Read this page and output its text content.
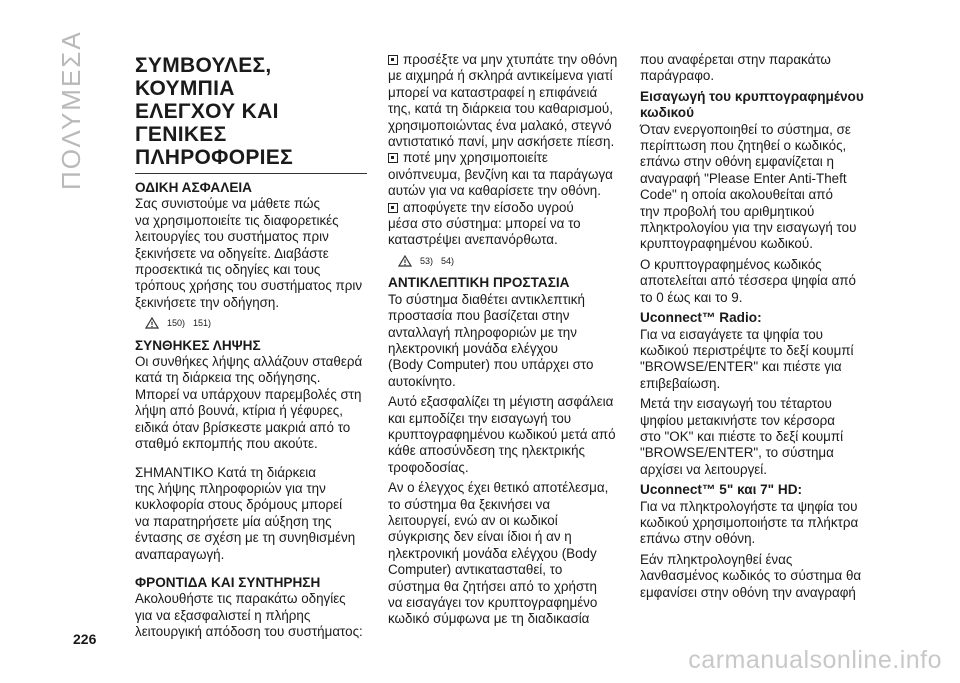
ΠΟΛΥΜΕΣΑ ΣΥΜΒΟΥΛΕΣ, ΚΟΥΜΠΙΑ
ΕΛΕΓΧΟΥ ΚΑΙ ΓΕΝΙΚΕΣ
ΠΛΗΡΟΦΟΡΙΕΣ
ΟΔΙΚΗ ΑΣΦΑΛΕΙΑ

Σας συνιστούμε να μάθετε πώς
να χρησιμοποιείτε τις διαφορετικές
λειτουργίες του συστήματος πριν
ξεκινήσετε να οδηγείτε. Διαβάστε
προσεκτικά τις οδηγίες και τους
τρόπους χρήσης του συστήματος πριν
ξεκινήσετε την οδήγηση.

150) 151)
ΣΥΝΘΗΚΕΣ ΛΗΨΗΣ

Οι συνθήκες λήψης αλλάζουν σταθερά
κατά τη διάρκεια της οδήγησης.
Μπορεί να υπάρχουν παρεμβολές στη
λήψη από βουνά, κτίρια ή γέφυρες,
ειδικά όταν βρίσκεστε μακριά από το
σταθμό εκπομπής που ακούτε.

ΣΗΜΑΝΤΙΚΟ Κατά τη διάρκεια
της λήψης πληροφοριών για την
κυκλοφορία στους δρόμους μπορεί
να παρατηρήσετε μία αύξηση της
έντασης σε σχέση με τη συνηθισμένη
αναπαραγωγή.

ΦΡΟΝΤΙΔΑ ΚΑΙ ΣΥΝΤΗΡΗΣΗ

Ακολουθήστε τις παρακάτω οδηγίες
για να εξασφαλιστεί η πλήρης
λειτουργική απόδοση του συστήματος:

προσέξτε να μην χτυπάτε την οθόνη
με αιχμηρά ή σκληρά αντικείμενα γιατί
μπορεί να καταστραφεί η επιφάνειά
της, κατά τη διάρκεια του καθαρισμού,
χρησιμοποιώντας ένα μαλακό, στεγνό
αντιστατικό πανί, μην ασκήσετε πίεση.

ποτέ μην χρησιμοποιείτε
οινόπνευμα, βενζίνη και τα παράγωγα
αυτών για να καθαρίσετε την οθόνη.

αποφύγετε την είσοδο υγρού
μέσα στο σύστημα: μπορεί να το
καταστρέψει ανεπανόρθωτα.

53) 54)
ΑΝΤΙΚΛΕΠΤΙΚΗ ΠΡΟΣΤΑΣΙΑ

Το σύστημα διαθέτει αντικλεπτική
προστασία που βασίζεται στην
ανταλλαγή πληροφοριών με την
ηλεκτρονική μονάδα ελέγχου
(Body Computer) που υπάρχει στο
αυτοκίνητο.

Αυτό εξασφαλίζει τη μέγιστη ασφάλεια
και εμποδίζει την εισαγωγή του
κρυπτογραφημένου κωδικού μετά από
κάθε αποσύνδεση της ηλεκτρικής
τροφοδοσίας.

Αν ο έλεγχος έχει θετικό αποτέλεσμα,
το σύστημα θα ξεκινήσει να
λειτουργεί, ενώ αν οι κωδικοί
σύγκρισης δεν είναι ίδιοι ή αν η
ηλεκτρονική μονάδα ελέγχου (Body
Computer) αντικατασταθεί, το
σύστημα θα ζητήσει από το χρήστη
να εισαγάγει τον κρυπτογραφημένο
κωδικό σύμφωνα με τη διαδικασία

που αναφέρεται στην παρακάτω
παράγραφο.

Εισαγωγή του κρυπτογραφημένου
κωδικού

Όταν ενεργοποιηθεί το σύστημα, σε
περίπτωση που ζητηθεί ο κωδικός,
επάνω στην οθόνη εμφανίζεται η
αναγραφή "Please Enter Anti-Theft
Code" η οποία ακολουθείται από
την προβολή του αριθμητικού
πληκτρολογίου για την εισαγωγή του
κρυπτογραφημένου κωδικού.

Ο κρυπτογραφημένος κωδικός
αποτελείται από τέσσερα ψηφία από
το 0 έως και το 9.

Uconnect™ Radio:

Για να εισαγάγετε τα ψηφία του
κωδικού περιστρέψτε το δεξί κουμπί
"BROWSE/ENTER" και πιέστε για
επιβεβαίωση.

Μετά την εισαγωγή του τέταρτου
ψηφίου μετακινήστε τον κέρσορα
στο "OK" και πιέστε το δεξί κουμπί
"BROWSE/ENTER", το σύστημα
αρχίσει να λειτουργεί.

Uconnect™ 5" και 7" HD:

Για να πληκτρολογήστε τα ψηφία του
κωδικού χρησιμοποιήστε τα πλήκτρα
επάνω στην οθόνη.

Εάν πληκτρολογηθεί ένας
λανθασμένος κωδικός το σύστημα θα
εμφανίσει στην οθόνη την αναγραφή

226
carmanualsonline.info
